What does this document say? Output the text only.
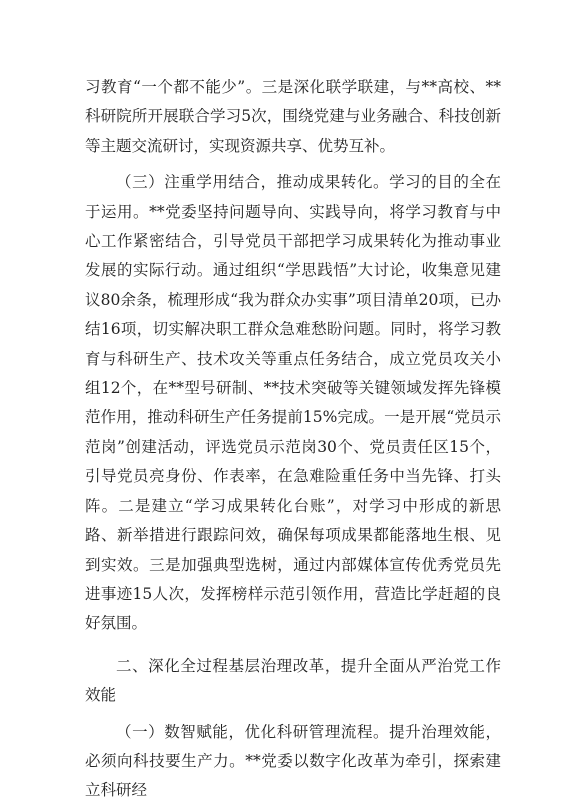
习教育“一个都不能少”。三是深化联学联建，与**高校、**科研院所开展联合学习5次，围绕党建与业务融合、科技创新等主题交流研讨，实现资源共享、优势互补。

（三）注重学用结合，推动成果转化。学习的目的全在于运用。**党委坚持问题导向、实践导向，将学习教育与中心工作紧密结合，引导党员干部把学习成果转化为推动事业发展的实际行动。通过组织“学思践悟”大讨论，收集意见建议80余条，梳理形成“我为群众办实事”项目清单20项，已办结16项，切实解决职工群众急难愁盼问题。同时，将学习教育与科研生产、技术攻关等重点任务结合，成立党员攻关小组12个，在**型号研制、**技术突破等关键领域发挥先锋模范作用，推动科研生产任务提前15%完成。一是开展“党员示范岗”创建活动，评选党员示范岗30个、党员责任区15个，引导党员亮身份、作表率，在急难险重任务中当先锋、打头阵。二是建立“学习成果转化台账”，对学习中形成的新思路、新举措进行跟踪问效，确保每项成果都能落地生根、见到实效。三是加强典型选树，通过内部媒体宣传优秀党员先进事迹15人次，发挥榜样示范引领作用，营造比学赶超的良好氛围。

二、深化全过程基层治理改革，提升全面从严治党工作效能

（一）数智赋能，优化科研管理流程。提升治理效能，必须向科技要生产力。**党委以数字化改革为牵引，探索建立科研经
